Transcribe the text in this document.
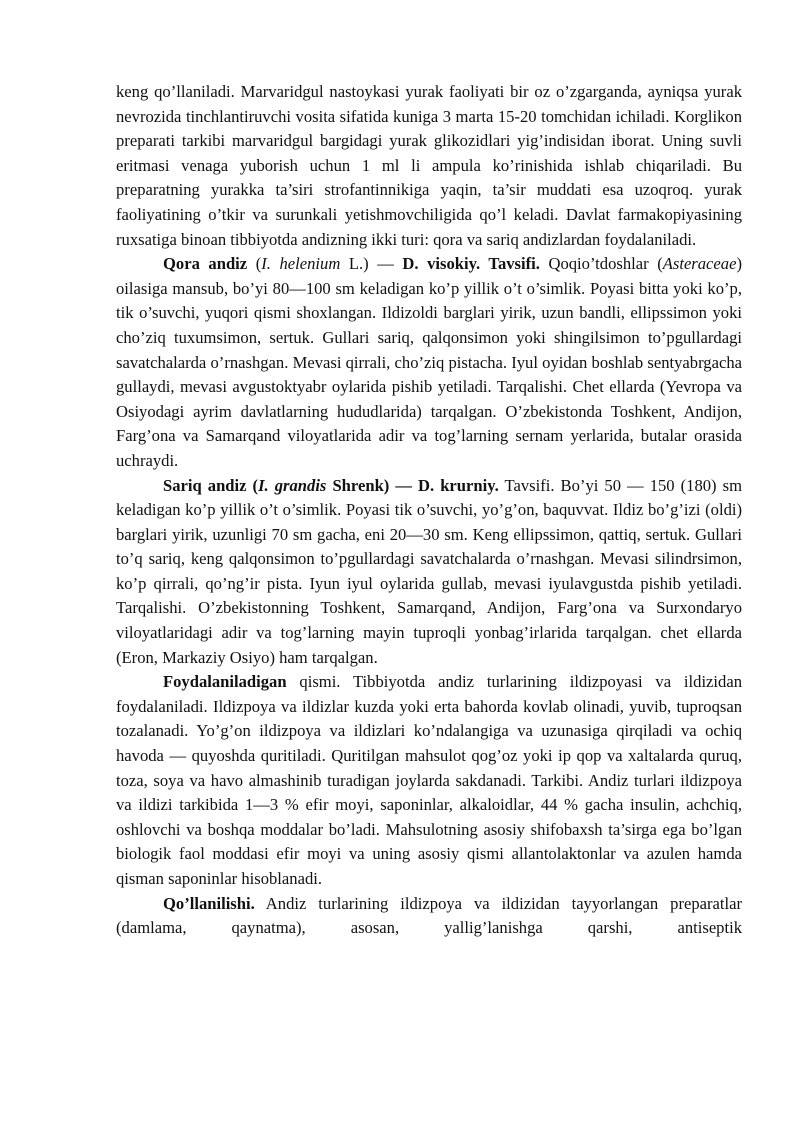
keng qo’llaniladi. Marvaridgul nastoykasi yurak faoliyati bir oz o’zgarganda, ayniqsa yurak nevrozida tinchlantiruvchi vosita sifatida kuniga 3 marta 15-20 tomchidan ichiladi. Korglikon preparati tarkibi marvaridgul bargidagi yurak glikozidlari yig’indisidan iborat. Uning suvli eritmasi venaga yuborish uchun 1 ml li ampula ko’rinishida ishlab chiqariladi. Bu preparatning yurakka ta’siri strofantinnikiga yaqin, ta’sir muddati esa uzoqroq. yurak faoliyatining o’tkir va surunkali yetishmovchiligida qo’l keladi. Davlat farmakopiyasining ruxsatiga binoan tibbiyotda andizning ikki turi: qora va sariq andizlardan foydalaniladi.

Qora andiz (I. helenium L.) — D. visokiy. Tavsifi. Qoqio’tdoshlar (Asteraceae) oilasiga mansub, bo’yi 80—100 sm keladigan ko’p yillik o’t o’simlik. Poyasi bitta yoki ko’p, tik o’suvchi, yuqori qismi shoxlangan. Ildizoldi barglari yirik, uzun bandli, ellipssimon yoki cho’ziq tuxumsimon, sertuk. Gullari sariq, qalqonsimon yoki shingilsimon to’pgullardagi savatchalarda o’rnashgan. Mevasi qirrali, cho’ziq pistacha. Iyul oyidan boshlab sentyabrgacha gullaydi, mevasi avgustoktyabr oylarida pishib yetiladi. Tarqalishi. Chet ellarda (Yevropa va Osiyodagi ayrim davlatlarning hududlarida) tarqalgan. O’zbekistonda Toshkent, Andijon, Farg’ona va Samarqand viloyatlarida adir va tog’larning sernam yerlarida, butalar orasida uchraydi.

Sariq andiz (I. grandis Shrenk) — D. krurniy. Tavsifi. Bo’yi 50 — 150 (180) sm keladigan ko’p yillik o’t o’simlik. Poyasi tik o’suvchi, yo’g’on, baquvvat. Ildiz bo’g’izi (oldi) barglari yirik, uzunligi 70 sm gacha, eni 20—30 sm. Keng ellipssimon, qattiq, sertuk. Gullari to’q sariq, keng qalqonsimon to’pgullardagi savatchalarda o’rnashgan. Mevasi silindrsimon, ko’p qirrali, qo’ng’ir pista. Iyun iyul oylarida gullab, mevasi iyulavgustda pishib yetiladi. Tarqalishi. O’zbekistonning Toshkent, Samarqand, Andijon, Farg’ona va Surxondaryo viloyatlaridagi adir va tog’larning mayin tuproqli yonbag’irlarida tarqalgan. chet ellarda (Eron, Markaziy Osiyo) ham tarqalgan.

Foydalaniladigan qismi. Tibbiyotda andiz turlarining ildizpoyasi va ildizidan foydalaniladi. Ildizpoya va ildizlar kuzda yoki erta bahorda kovlab olinadi, yuvib, tuproqsan tozalanadi. Yo’g’on ildizpoya va ildizlari ko’ndalangiga va uzunasiga qirqiladi va ochiq havoda — quyoshda quritiladi. Quritilgan mahsulot qog’oz yoki ip qop va xaltalarda quruq, toza, soya va havo almashinib turadigan joylarda sakdanadi. Tarkibi. Andiz turlari ildizpoya va ildizi tarkibida 1—3 % efir moyi, saponinlar, alkaloidlar, 44 % gacha insulin, achchiq, oshlovchi va boshqa moddalar bo’ladi. Mahsulotning asosiy shifobaxsh ta’sirga ega bo’lgan biologik faol moddasi efir moyi va uning asosiy qismi allantolaktonlar va azulen hamda qisman saponinlar hisoblanadi.

Qo’llanilishi. Andiz turlarining ildizpoya va ildizidan tayyorlangan preparatlar (damlama, qaynatma), asosan, yallig’lanishga qarshi, antiseptik
